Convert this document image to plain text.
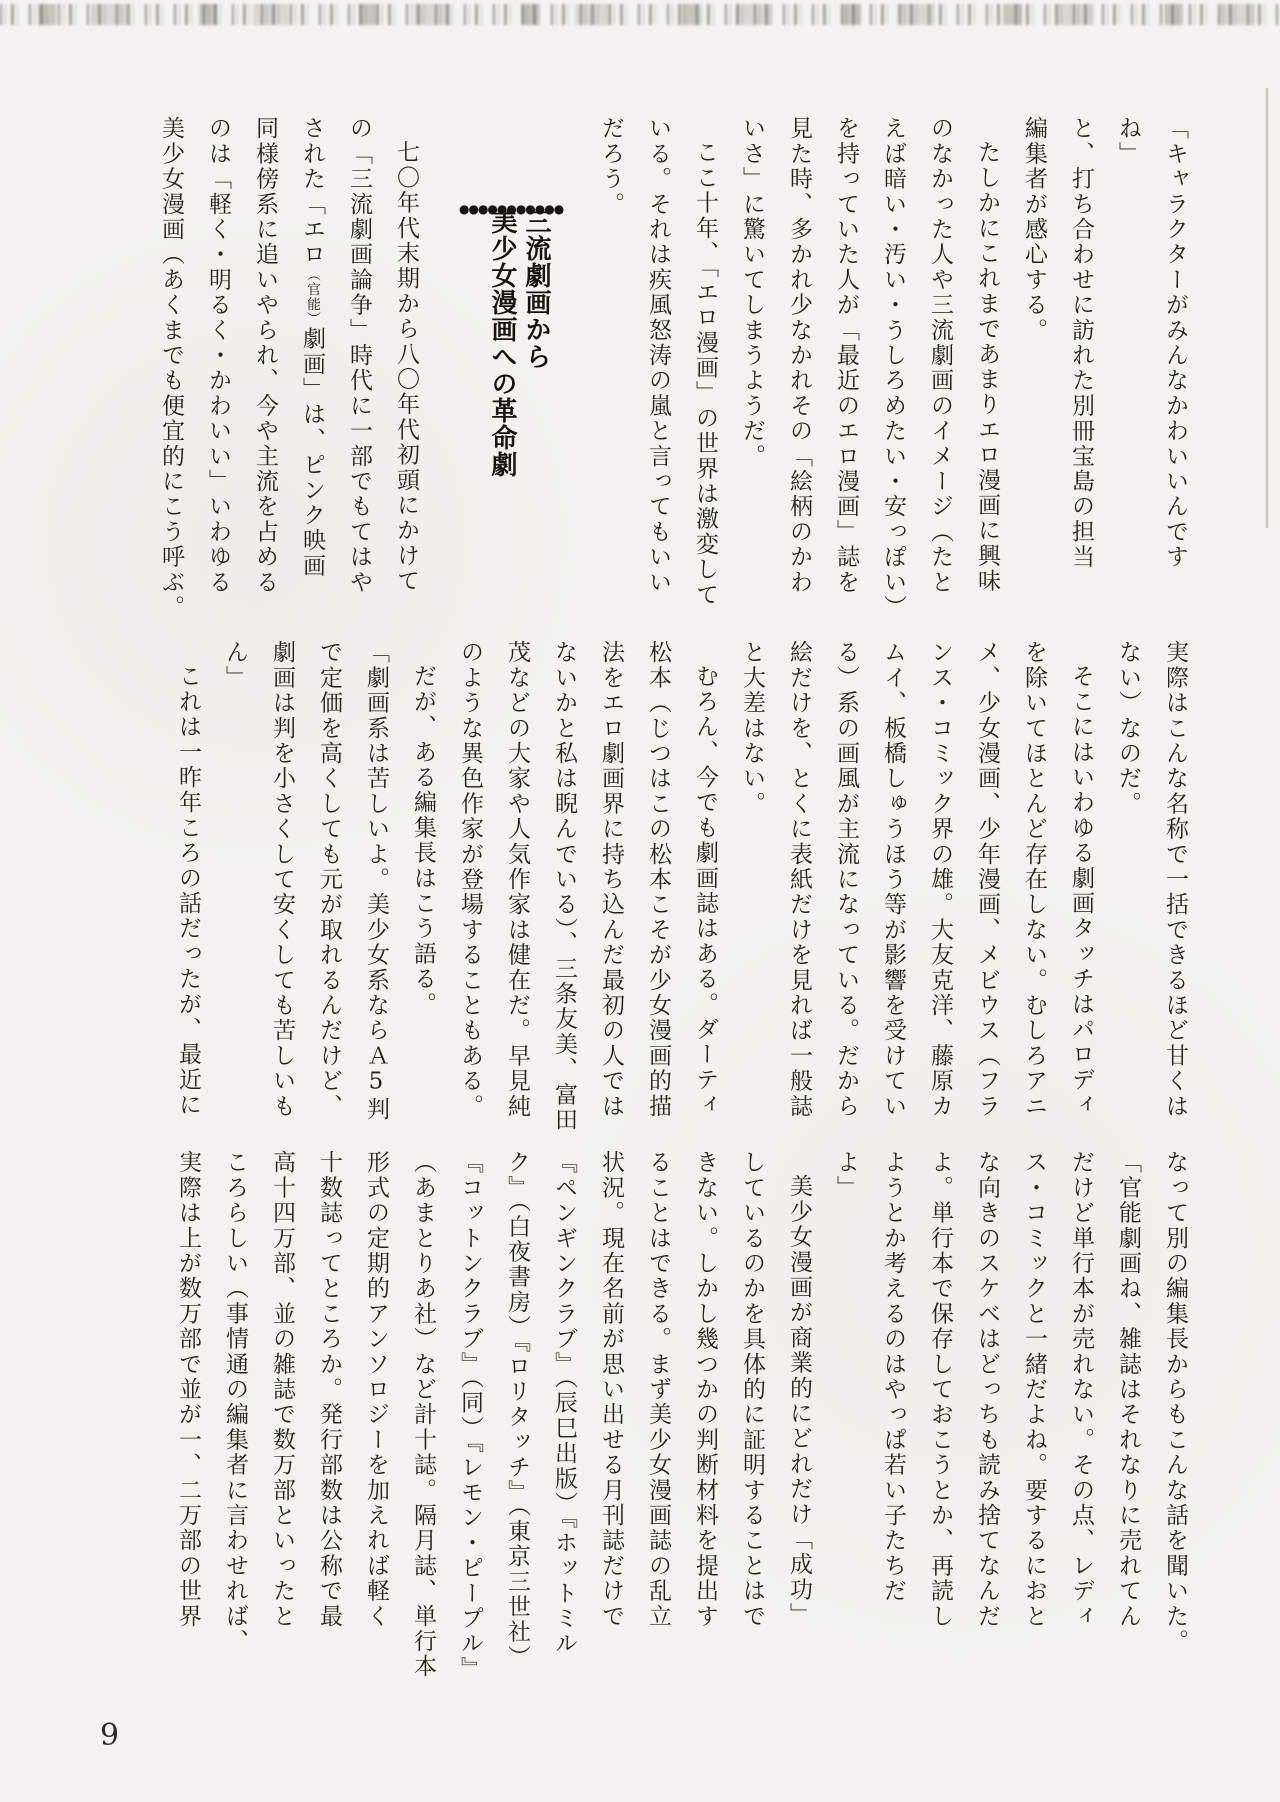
「キャラクターがみんなかわいいんです

ね」

と、打ち合わせに訪れた別冊宝島の担当

編集者が感心する。

たしかにこれまであまりエロ漫画に興味

のなかった人や三流劇画のイメージ（たと

えば暗い・汚い・うしろめたい・安っぽい）

を持っていた人が「最近のエロ漫画」誌を

見た時、多かれ少なかれその「絵柄のかわ

いさ」に驚いてしまうようだ。

ここ十年、「エロ漫画」の世界は激変して

いる。それは疾風怒涛の嵐と言ってもいい

だろう。

●●●●●●●●●●●

三流劇画から

美少女漫画への革命劇

七〇年代末期から八〇年代初頭にかけて

の「三流劇画論争」時代に一部でもてはや

された「エロ（官能）劇画」は、ピンク映画

同様傍系に追いやられ、今や主流を占める

のは「軽く・明るく・かわいい」いわゆる

美少女漫画（あくまでも便宜的にこう呼ぶ。

実際はこんな名称で一括できるほど甘くは

ない）なのだ。

そこにはいわゆる劇画タッチはパロディ

を除いてほとんど存在しない。むしろアニ

メ、少女漫画、少年漫画、メビウス（フラ

ンス・コミック界の雄。大友克洋、藤原カ

ムイ、板橋しゅうほう等が影響を受けてい

る）系の画風が主流になっている。だから

絵だけを、とくに表紙だけを見れば一般誌

と大差はない。

むろん、今でも劇画誌はある。ダーティ

松本（じつはこの松本こそが少女漫画的描

法をエロ劇画界に持ち込んだ最初の人では

ないかと私は睨んでいる）、三条友美、富田

茂などの大家や人気作家は健在だ。早見純

のような異色作家が登場することもある。

だが、ある編集長はこう語る。

「劇画系は苦しいよ。美少女系ならＡ5判

で定価を高くしても元が取れるんだけど、

劇画は判を小さくして安くしても苦しいも

ん」

これは一昨年ころの話だったが、最近に

なって別の編集長からもこんな話を聞いた。

「官能劇画ね、雑誌はそれなりに売れてん

だけど単行本が売れない。その点、レディ

ス・コミックと一緒だよね。要するにおと

な向きのスケベはどっちも読み捨てなんだ

よ。単行本で保存しておこうとか、再読し

ようとか考えるのはやっぱ若い子たちだ

よ」

美少女漫画が商業的にどれだけ「成功」

しているのかを具体的に証明することはで

きない。しかし幾つかの判断材料を提出す

ることはできる。まず美少女漫画誌の乱立

状況。現在名前が思い出せる月刊誌だけで

『ペンギンクラブ』（辰巳出版）『ホットミル

ク』（白夜書房）『ロリタッチ』（東京三世社）

『コットンクラブ』（同）『レモン・ピープル』

（あまとりあ社）など計十誌。隔月誌、単行本

形式の定期的アンソロジーを加えれば軽く

十数誌ってところか。発行部数は公称で最

高十四万部、並の雑誌で数万部といったと

ころらしい（事情通の編集者に言わせれば、

実際は上が数万部で並が一、二万部の世界

9
